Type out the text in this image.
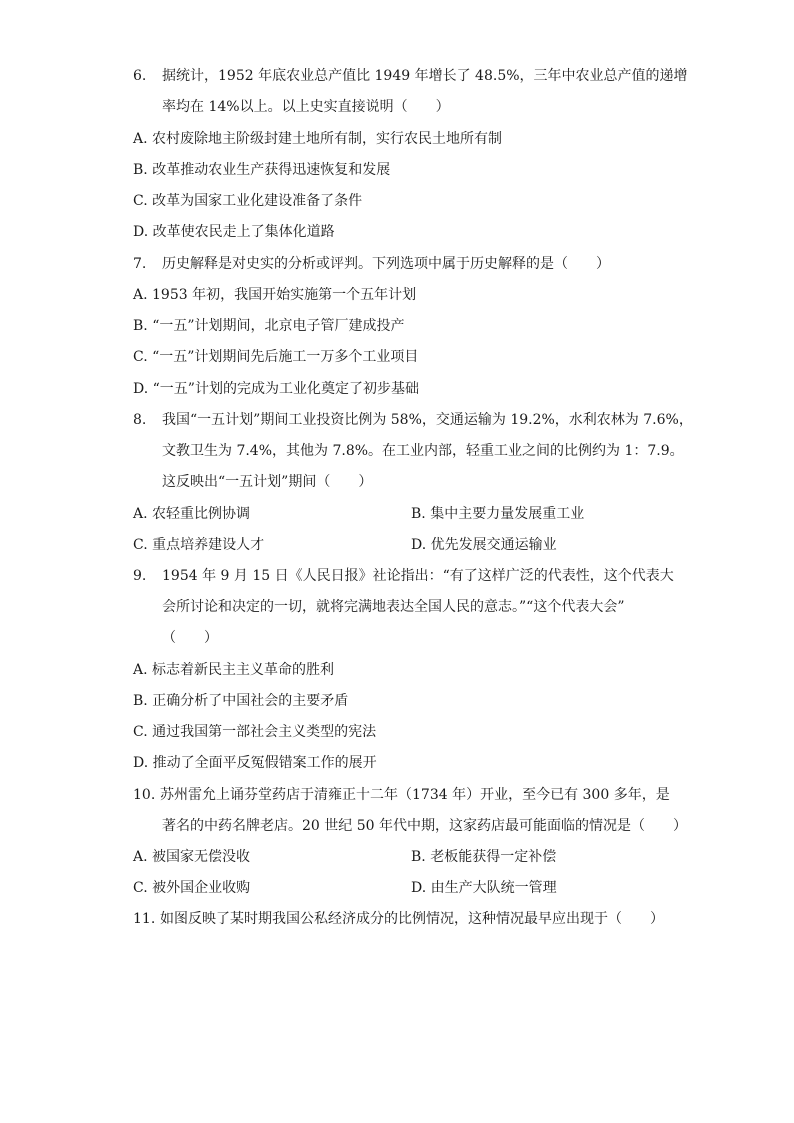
6. 据统计，1952 年底农业总产值比 1949 年增长了 48.5%，三年中农业总产值的递增
率均在 14%以上。以上史实直接说明（　　）
A. 农村废除地主阶级封建土地所有制，实行农民土地所有制
B. 改革推动农业生产获得迅速恢复和发展
C. 改革为国家工业化建设准备了条件
D. 改革使农民走上了集体化道路
7. 历史解释是对史实的分析或评判。下列选项中属于历史解释的是（　　）
A. 1953 年初，我国开始实施第一个五年计划
B. “一五”计划期间，北京电子管厂建成投产
C. “一五”计划期间先后施工一万多个工业项目
D. “一五”计划的完成为工业化奠定了初步基础
8. 我国“一五计划”期间工业投资比例为 58%，交通运输为 19.2%，水利农林为 7.6%，
文教卫生为 7.4%，其他为 7.8%。在工业内部，轻重工业之间的比例约为 1：7.9。
这反映出“一五计划”期间（　　）
A. 农轻重比例协调	B. 集中主要力量发展重工业
C. 重点培养建设人才	D. 优先发展交通运输业
9. 1954 年 9 月 15 日《人民日报》社论指出：“有了这样广泛的代表性，这个代表大
会所讨论和决定的一切，就将完满地表达全国人民的意志。”“这个代表大会”
（　　）
A. 标志着新民主主义革命的胜利
B. 正确分析了中国社会的主要矛盾
C. 通过我国第一部社会主义类型的宪法
D. 推动了全面平反冤假错案工作的展开
10. 苏州雷允上诵芬堂药店于清雍正十二年（1734 年）开业，至今已有 300 多年，是
著名的中药名牌老店。20 世纪 50 年代中期，这家药店最可能面临的情况是（　　）
A. 被国家无偿没收	B. 老板能获得一定补偿
C. 被外国企业收购	D. 由生产大队统一管理
11. 如图反映了某时期我国公私经济成分的比例情况，这种情况最早应出现于（　　）
